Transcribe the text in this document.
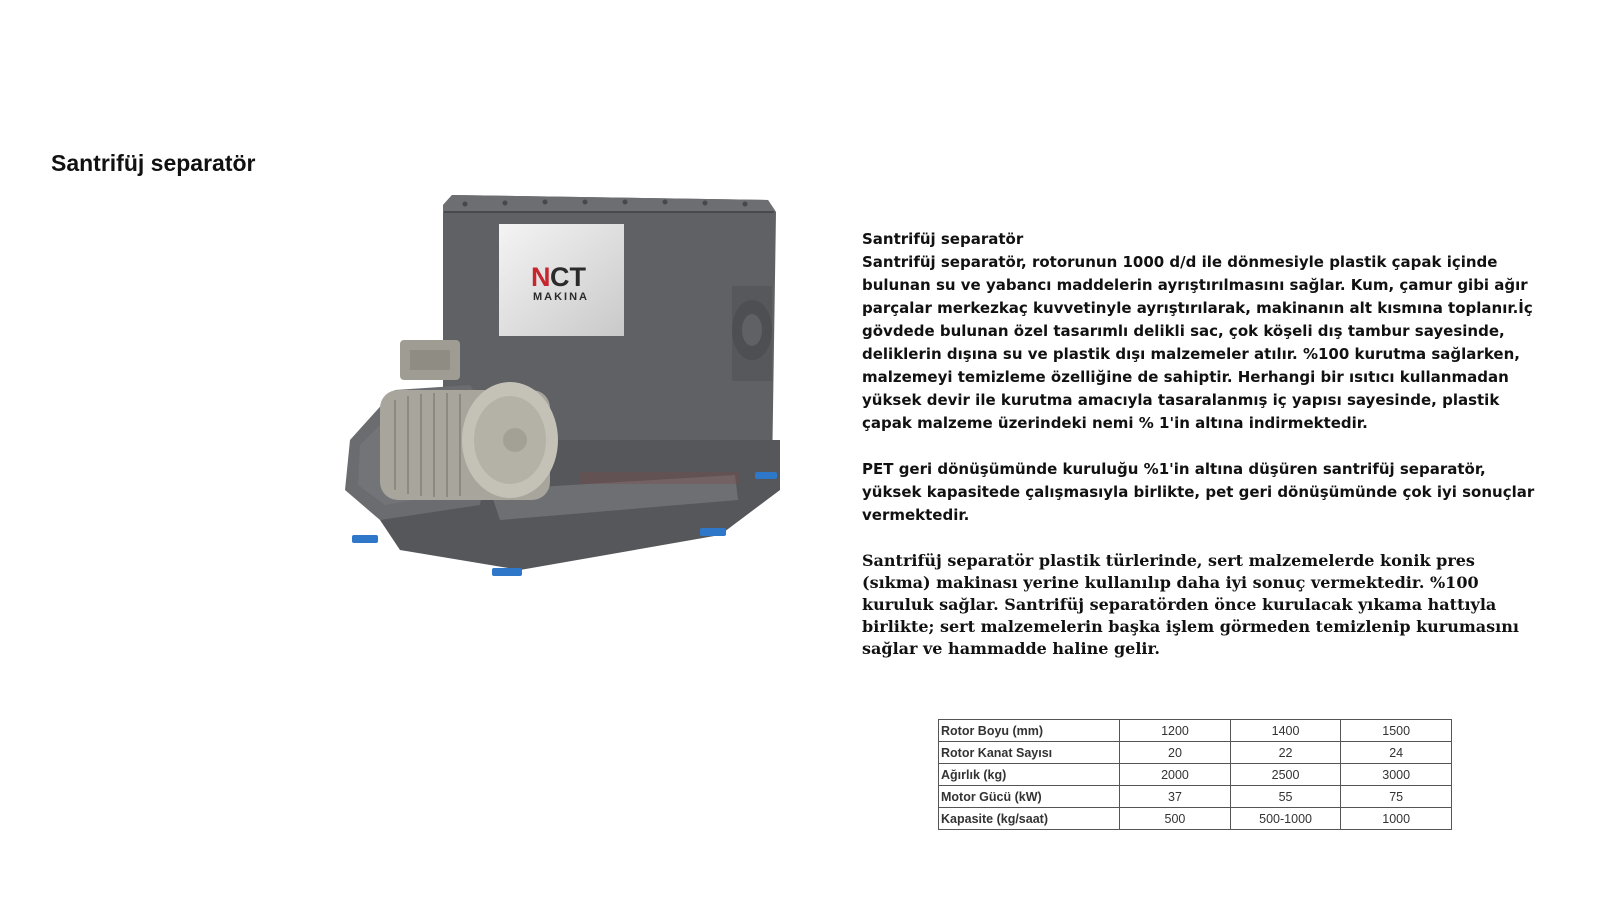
Santrifüj separatör
N CT
MAKINA

Santrifüj separatör

Santrifüj separatör, rotorunun 1000 d/d ile dönmesiyle plastik çapak içinde bulunan su ve yabancı maddelerin ayrıştırılmasını sağlar. Kum, çamur gibi ağır parçalar merkezkaç kuvvetinyle ayrıştırılarak, makinanın alt kısmına toplanır.İç gövdede bulunan özel tasarımlı delikli sac, çok köşeli dış tambur sayesinde, deliklerin dışına su ve plastik dışı malzemeler atılır. %100 kurutma sağlarken, malzemeyi temizleme özelliğine de sahiptir. Herhangi bir ısıtıcı kullanmadan yüksek devir ile kurutma amacıyla tasaralanmış iç yapısı sayesinde, plastik çapak malzeme üzerindeki nemi % 1'in altına indirmektedir.

PET geri dönüşümünde kuruluğu %1'in altına düşüren santrifüj separatör, yüksek kapasitede çalışmasıyla birlikte, pet geri dönüşümünde çok iyi sonuçlar vermektedir.

Santrifüj separatör plastik türlerinde, sert malzemelerde konik pres (sıkma) makinası yerine kullanılıp daha iyi sonuç vermektedir. %100 kuruluk sağlar. Santrifüj separatörden önce kurulacak yıkama hattıyla birlikte; sert malzemelerin başka işlem görmeden temizlenip kurumasını sağlar ve hammadde haline gelir.

Rotor Boyu (mm)	1200	1400	1500
Rotor Kanat Sayısı	20	22	24
Ağırlık (kg)	2000	2500	3000
Motor Gücü (kW)	37	55	75
Kapasite (kg/saat)	500	500-1000	1000
